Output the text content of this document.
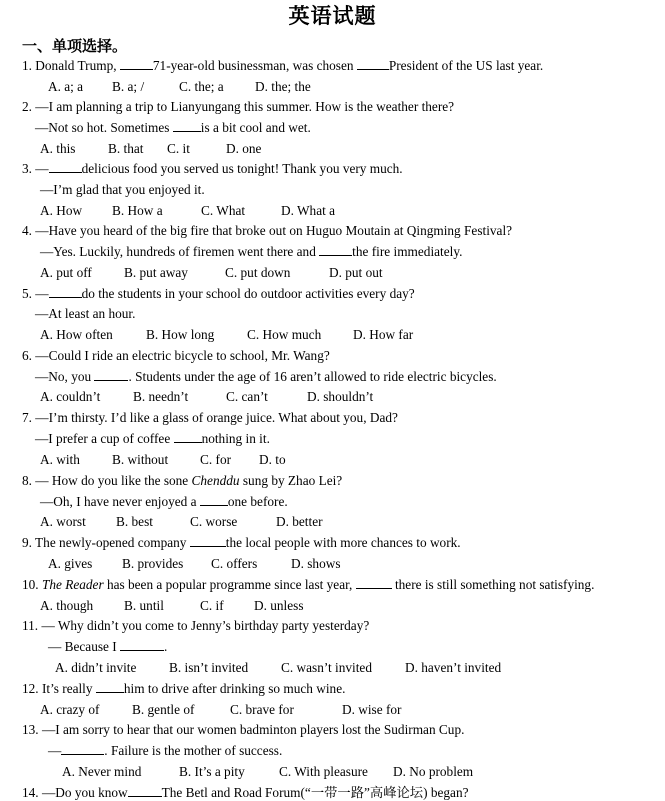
英语试题
一、单项选择。
1. Donald Trump, 71-year-old businessman, was chosen President of the US last year.
A. a; a B. a; /	C. the; a D. the; the
2. —I am planning a trip to Lianyungang this summer. How is the weather there?
—Not so hot. Sometimes is a bit cool and wet.
A. this B. that C. it	D. one
3. — delicious food you served us tonight! Thank you very much.
—I’m glad that you enjoyed it.
A. How B. How a	C. What	D. What a
4. —Have you heard of the big fire that broke out on Huguo Moutain at Qingming Festival?
—Yes. Luckily, hundreds of firemen went there and the fire immediately.
A. put off B. put away	C. put down	D. put out
5. — do the students in your school do outdoor activities every day?
—At least an hour.
A. How often	B. How long C. How much D. How far
6. —Could I ride an electric bicycle to school, Mr. Wang?
—No, you	. Students under the age of 16 aren’t allowed to ride electric bicycles.
A. couldn’t B. needn’t	C. can’t	D. shouldn’t
7. —I’m thirsty. I’d like a glass of orange juice. What about you, Dad?
—I prefer a cup of coffee nothing in it.
A. with B. without C. for D. to
8. — How do you like the sone Chenddu sung by Zhao Lei?
—Oh, I have never enjoyed a one before.
A. worst B. best	C. worse	D. better
9. The newly-opened company	the local people with more chances to work.
A. gives B. provides C. offers	D. shows
10. The Reader has been a popular programme since last year,	there is still something not satisfying.
A. though B. until	C. if D. unless
11. — Why didn’t you come to Jenny’s birthday party yesterday?
— Because I	.
A. didn’t invite B. isn’t invited C. wasn’t invited D. haven’t invited
12. It’s really him to drive after drinking so much wine.
A. crazy of B. gentle of	C. brave for	D. wise for
13. —I am sorry to hear that our women badminton players lost the Sudirman Cup.
—	. Failure is the mother of success.
A. Never mind	B. It’s a pity	C. With pleasure D. No problem
14. —Do you know	The Betl and Road Forum(“一带一路”高峰论坛) began?
